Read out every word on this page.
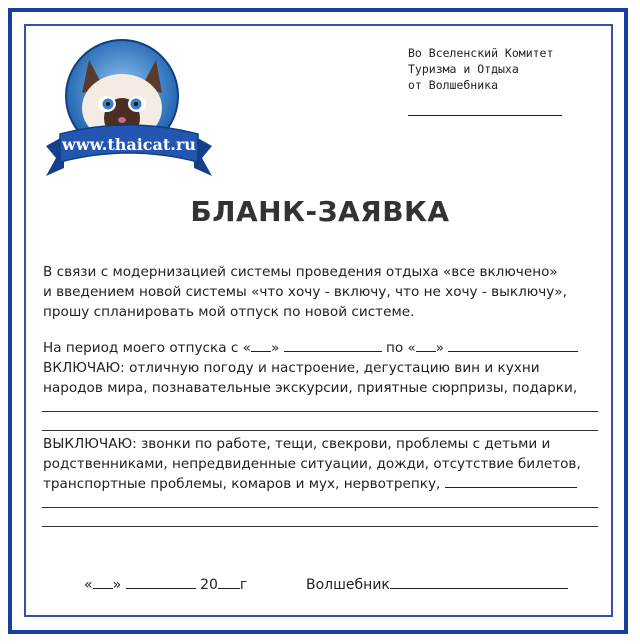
www.thaicat.ru
Во Вселенский Комитет
Туризма и Отдыха
от Волшебника
БЛАНК-ЗАЯВКА
В связи с модернизацией системы проведения отдыха «все включено»
и введением новой системы «что хочу - включу, что не хочу - выключу»,
прошу спланировать мой отпуск по новой системе.
На период моего отпуска с « »	по « »
ВКЛЮЧАЮ: отличную погоду и настроение, дегустацию вин и кухни
народов мира, познавательные экскурсии, приятные сюрпризы, подарки,
ВЫКЛЮЧАЮ: звонки по работе, тещи, свекрови, проблемы с детьми и
родственниками, непредвиденные ситуации, дожди, отсутствие билетов,
транспортные проблемы, комаров и мух, нервотрепку,
« »	20 г	Волшебник
